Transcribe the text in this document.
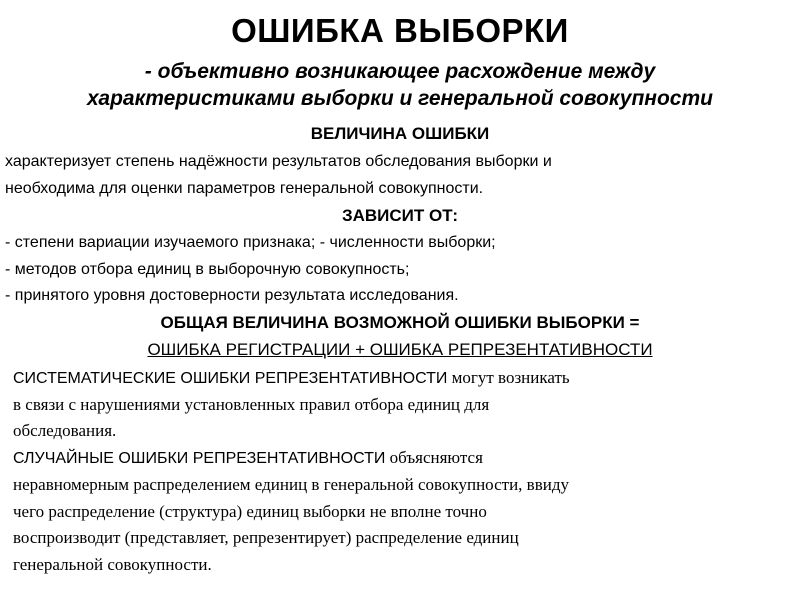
ОШИБКА ВЫБОРКИ
- объективно возникающее расхождение между
характеристиками выборки и генеральной совокупности
ВЕЛИЧИНА ОШИБКИ
характеризует степень надёжности результатов обследования выборки и
необходима для оценки параметров генеральной совокупности.
ЗАВИСИТ ОТ:
- степени вариации изучаемого признака; - численности выборки;
- методов отбора единиц в выборочную совокупность;
- принятого уровня достоверности результата исследования.
ОБЩАЯ ВЕЛИЧИНА ВОЗМОЖНОЙ ОШИБКИ ВЫБОРКИ =
ОШИБКА РЕГИСТРАЦИИ + ОШИБКА РЕПРЕЗЕНТАТИВНОСТИ
СИСТЕМАТИЧЕСКИЕ ОШИБКИ РЕПРЕЗЕНТАТИВНОСТИ могут возникать
в связи с нарушениями установленных правил отбора единиц для
обследования.
СЛУЧАЙНЫЕ ОШИБКИ РЕПРЕЗЕНТАТИВНОСТИ объясняются
неравномерным распределением единиц в генеральной совокупности, ввиду
чего распределение (структура) единиц выборки не вполне точно
воспроизводит (представляет, репрезентирует) распределение единиц
генеральной совокупности.
